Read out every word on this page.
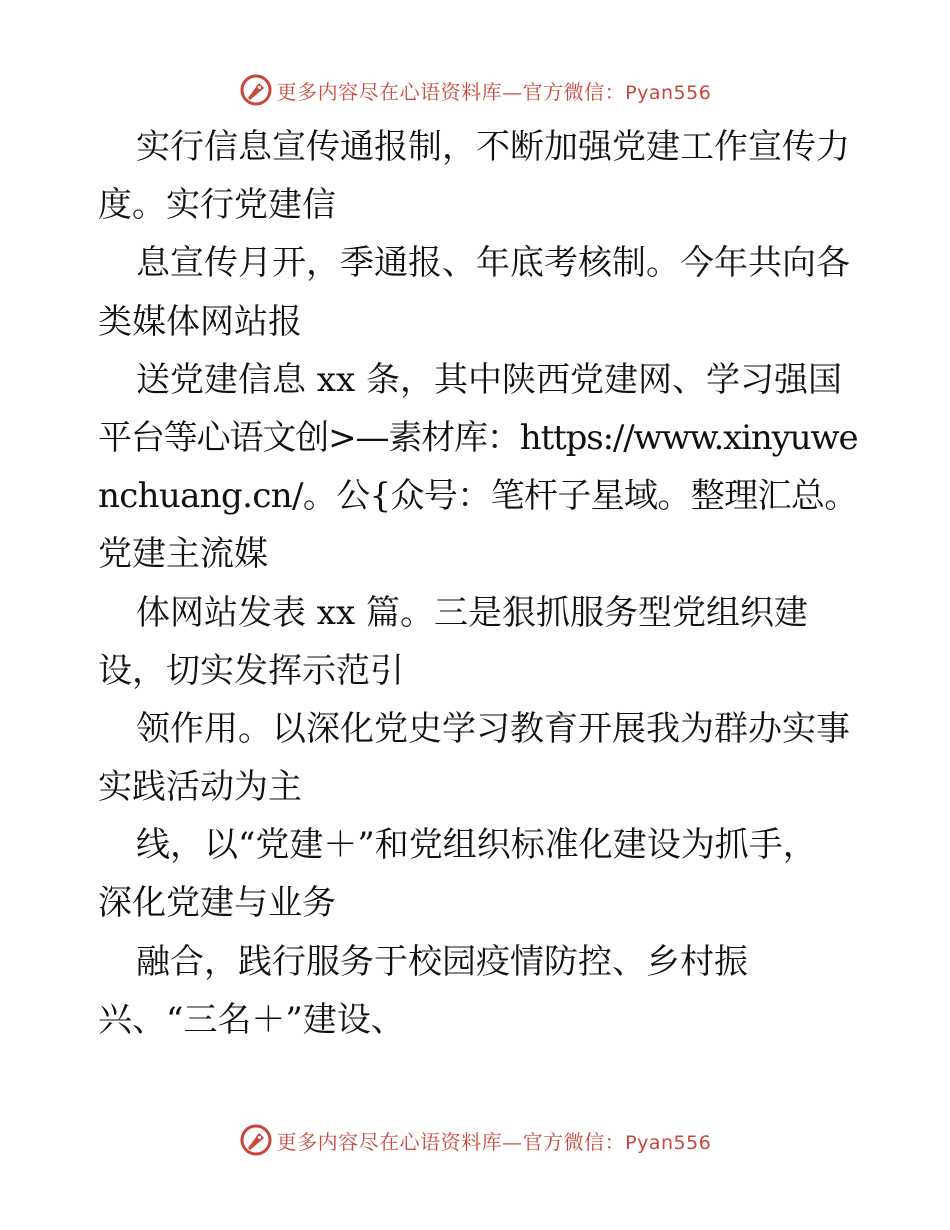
更多内容尽在心语资料库—官方微信：Pyan556
实行信息宣传通报制，不断加强党建工作宣传力
度。实行党建信
息宣传月开，季通报、年底考核制。今年共向各
类媒体网站报
送党建信息 xx 条，其中陕西党建网、学习强国
平台等心语文创>—素材库：https://www.xinyuwe
nchuang.cn/。公{众号：笔杆子星域。整理汇总。
党建主流媒
体网站发表 xx 篇。三是狠抓服务型党组织建
设，切实发挥示范引
领作用。以深化党史学习教育开展我为群办实事
实践活动为主
线，以“党建＋”和党组织标准化建设为抓手，
深化党建与业务
融合，践行服务于校园疫情防控、乡村振
兴、“三名＋”建设、
更多内容尽在心语资料库—官方微信：Pyan556
